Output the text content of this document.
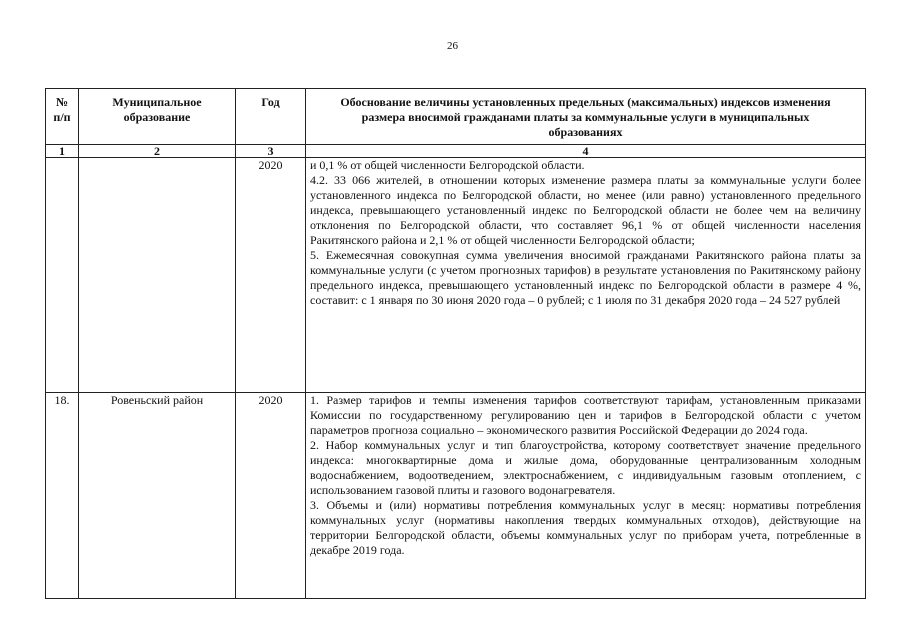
26
№ п/п	Муниципальное образование	Год	Обоснование величины установленных предельных (максимальных) индексов изменения размера вносимой гражданами платы за коммунальные услуги в муниципальных образованиях
1	2	3	4
		2020	и 0,1 % от общей численности Белгородской области.

4.2. 33 066 жителей, в отношении которых изменение размера платы за коммунальные услуги более установленного индекса по Белгородской области, но менее (или равно) установленного предельного индекса, превышающего установленный индекс по Белгородской области не более чем на величину отклонения по Белгородской области, что составляет 96,1 % от общей численности населения Ракитянского района и 2,1 % от общей численности Белгородской области;

5. Ежемесячная совокупная сумма увеличения вносимой гражданами Ракитянского района платы за коммунальные услуги (с учетом прогнозных тарифов) в результате установления по Ракитянскому району предельного индекса, превышающего установленный индекс по Белгородской области в размере 4 %, составит: с 1 января по 30 июня 2020 года – 0 рублей; с 1 июля по 31 декабря 2020 года – 24 527 рублей

18.	Ровеньский район	2020	1. Размер тарифов и темпы изменения тарифов соответствуют тарифам, установленным приказами Комиссии по государственному регулированию цен и тарифов в Белгородской области с учетом параметров прогноза социально – экономического развития Российской Федерации до 2024 года.

2. Набор коммунальных услуг и тип благоустройства, которому соответствует значение предельного индекса: многоквартирные дома и жилые дома, оборудованные централизованным холодным водоснабжением, водоотведением, электроснабжением, с индивидуальным газовым отоплением, с использованием газовой плиты и газового водонагревателя.

3. Объемы и (или) нормативы потребления коммунальных услуг в месяц: нормативы потребления коммунальных услуг (нормативы накопления твердых коммунальных отходов), действующие на территории Белгородской области, объемы коммунальных услуг по приборам учета, потребленные в декабре 2019 года.
